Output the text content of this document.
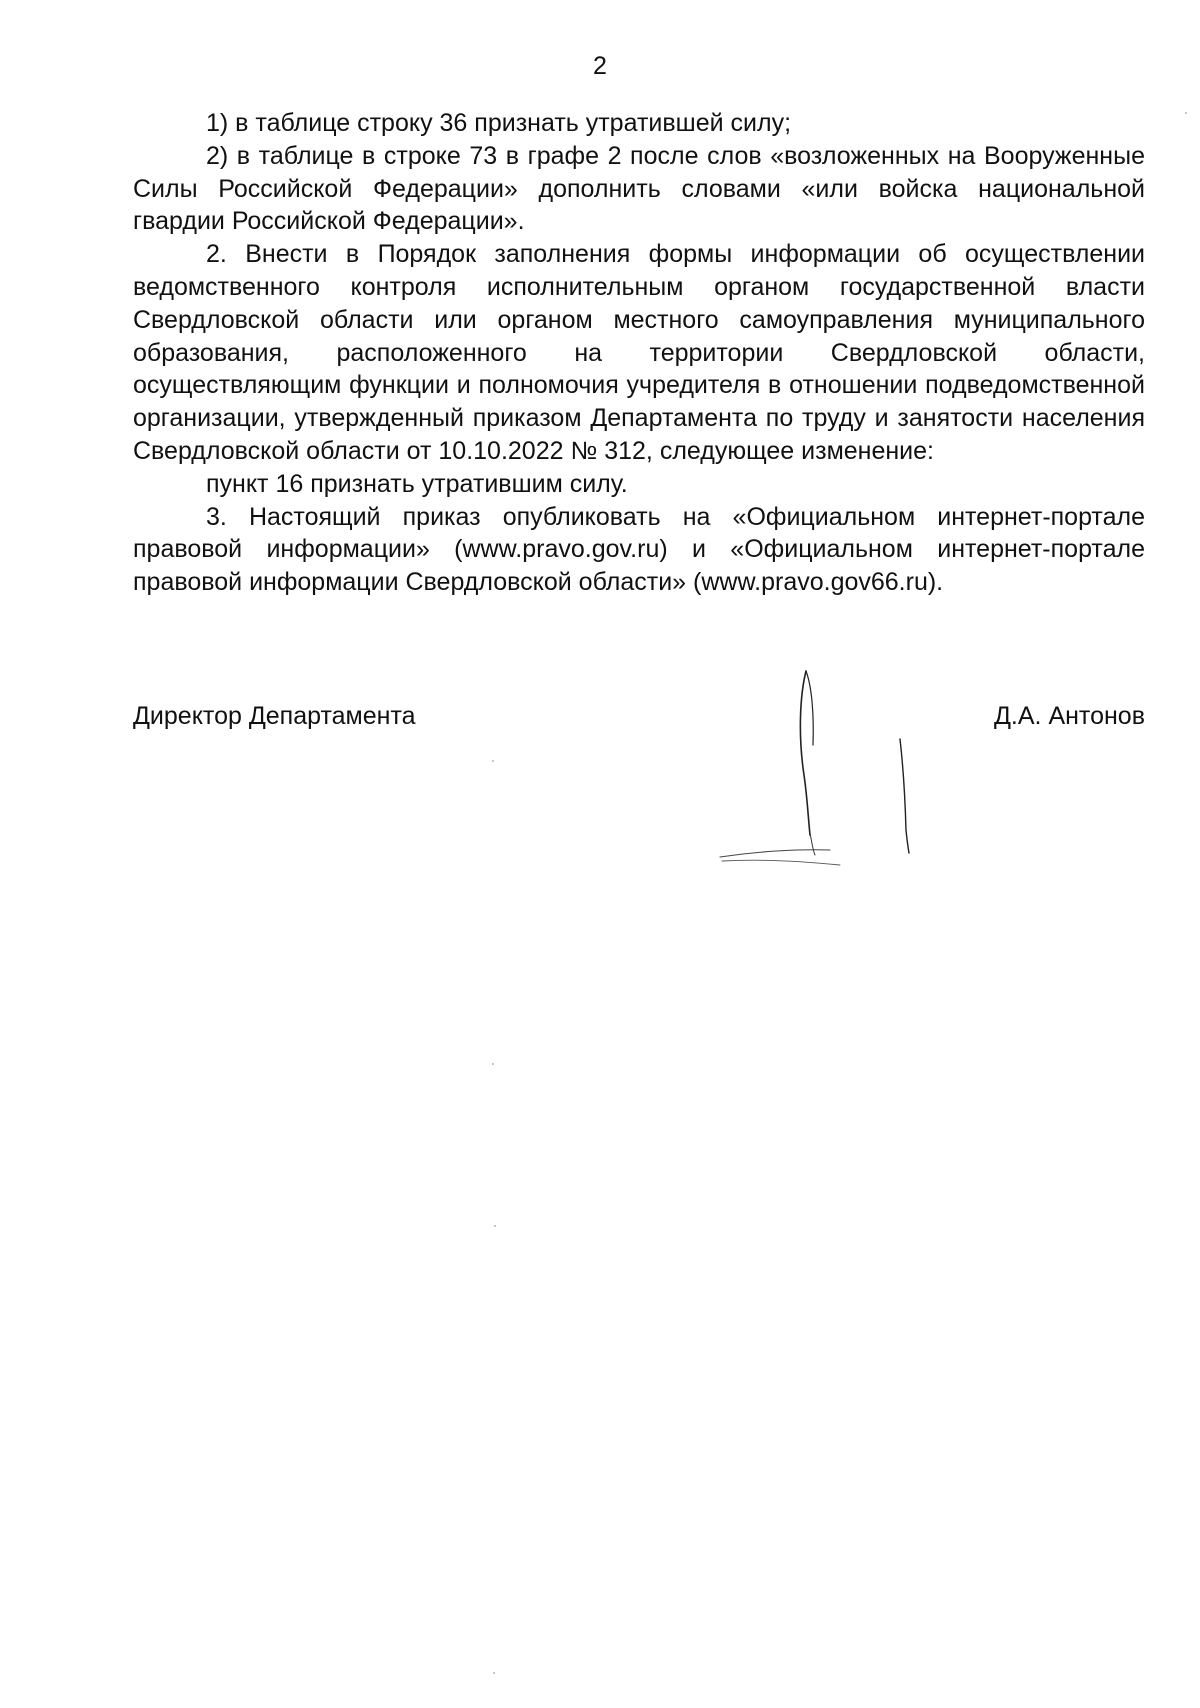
2

1) в таблице строку 36 признать утратившей силу;

2) в таблице в строке 73 в графе 2 после слов «возложенных на Вооруженные Силы Российской Федерации» дополнить словами «или войска национальной гвардии Российской Федерации».

2. Внести в Порядок заполнения формы информации об осуществлении ведомственного контроля исполнительным органом государственной власти Свердловской области или органом местного самоуправления муниципального образования, расположенного на территории Свердловской области, осуществляющим функции и полномочия учредителя в отношении подведомственной организации, утвержденный приказом Департамента по труду и занятости населения Свердловской области от 10.10.2022 № 312, следующее изменение:

пункт 16 признать утратившим силу.

3. Настоящий приказ опубликовать на «Официальном интернет-портале правовой информации» (www.pravo.gov.ru) и «Официальном интернет-портале правовой информации Свердловской области» (www.pravo.gov66.ru).

Директор Департамента	Д.А. Антонов
